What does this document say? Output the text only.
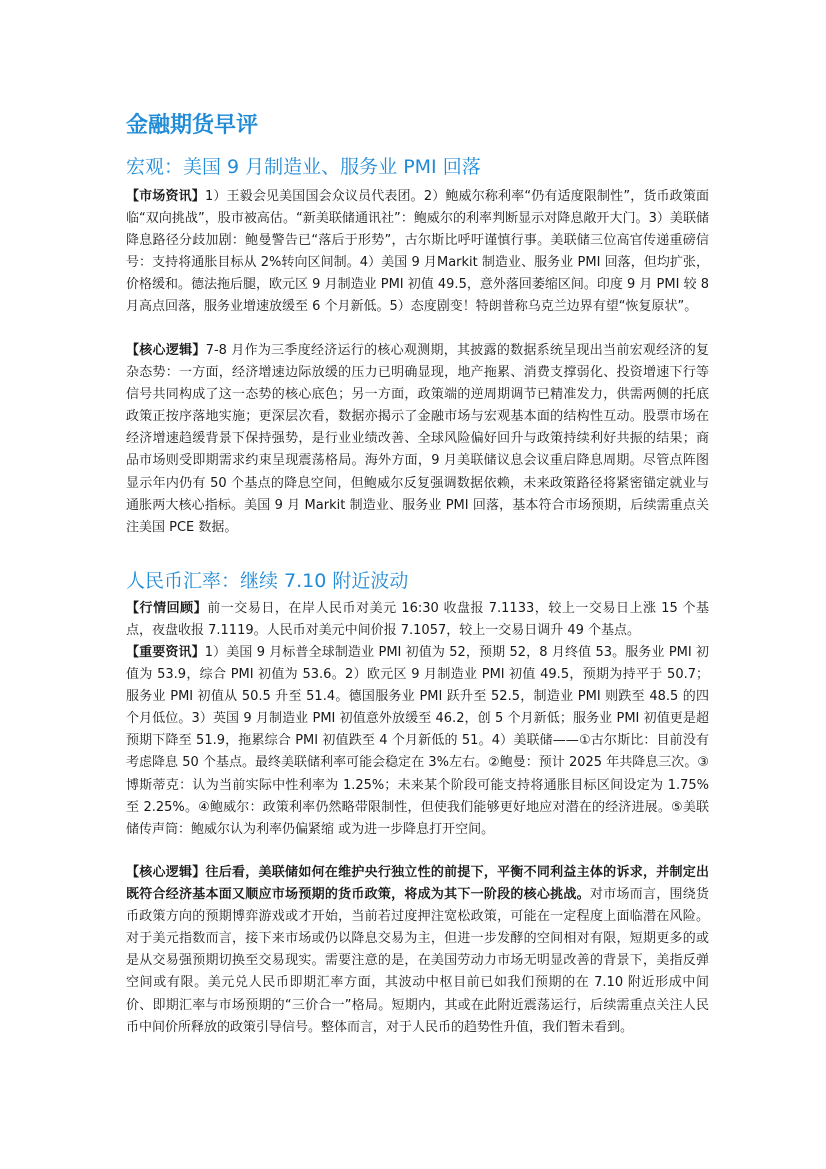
金融期货早评
宏观：美国 9 月制造业、服务业 PMI 回落

【市场资讯】1）王毅会见美国国会众议员代表团。2）鲍威尔称利率“仍有适度限制性”，货币政策面临“双向挑战”，股市被高估。“新美联储通讯社”：鲍威尔的利率判断显示对降息敞开大门。3）美联储降息路径分歧加剧：鲍曼警告已“落后于形势”，古尔斯比呼吁谨慎行事。美联储三位高官传递重磅信号：支持将通胀目标从 2%转向区间制。4）美国 9 月Markit 制造业、服务业 PMI 回落，但均扩张，价格缓和。德法拖后腿，欧元区 9 月制造业 PMI 初值 49.5，意外落回萎缩区间。印度 9 月 PMI 较 8 月高点回落，服务业增速放缓至 6 个月新低。5）态度剧变！特朗普称乌克兰边界有望“恢复原状”。

【核心逻辑】7-8 月作为三季度经济运行的核心观测期，其披露的数据系统呈现出当前宏观经济的复杂态势：一方面，经济增速边际放缓的压力已明确显现，地产拖累、消费支撑弱化、投资增速下行等信号共同构成了这一态势的核心底色；另一方面，政策端的逆周期调节已精准发力，供需两侧的托底政策正按序落地实施；更深层次看，数据亦揭示了金融市场与宏观基本面的结构性互动。股票市场在经济增速趋缓背景下保持强势，是行业业绩改善、全球风险偏好回升与政策持续利好共振的结果；商品市场则受即期需求约束呈现震荡格局。海外方面，9 月美联储议息会议重启降息周期。尽管点阵图显示年内仍有 50 个基点的降息空间，但鲍威尔反复强调数据依赖，未来政策路径将紧密锚定就业与通胀两大核心指标。美国 9 月 Markit 制造业、服务业 PMI 回落，基本符合市场预期，后续需重点关注美国 PCE 数据。

人民币汇率：继续 7.10 附近波动

【行情回顾】前一交易日，在岸人民币对美元 16:30 收盘报 7.1133，较上一交易日上涨 15 个基点，夜盘收报 7.1119。人民币对美元中间价报 7.1057，较上一交易日调升 49 个基点。

【重要资讯】1）美国 9 月标普全球制造业 PMI 初值为 52，预期 52，8 月终值 53。服务业 PMI 初值为 53.9，综合 PMI 初值为 53.6。2）欧元区 9 月制造业 PMI 初值 49.5，预期为持平于 50.7；服务业 PMI 初值从 50.5 升至 51.4。德国服务业 PMI 跃升至 52.5，制造业 PMI 则跌至 48.5 的四个月低位。3）英国 9 月制造业 PMI 初值意外放缓至 46.2，创 5 个月新低；服务业 PMI 初值更是超预期下降至 51.9，拖累综合 PMI 初值跌至 4 个月新低的 51。4）美联储——①古尔斯比：目前没有考虑降息 50 个基点。最终美联储利率可能会稳定在 3%左右。②鲍曼：预计 2025 年共降息三次。③博斯蒂克：认为当前实际中性利率为 1.25%；未来某个阶段可能支持将通胀目标区间设定为 1.75%至 2.25%。④鲍威尔：政策利率仍然略带限制性，但使我们能够更好地应对潜在的经济进展。⑤美联储传声筒：鲍威尔认为利率仍偏紧缩 或为进一步降息打开空间。

【核心逻辑】往后看，美联储如何在维护央行独立性的前提下，平衡不同利益主体的诉求，并制定出既符合经济基本面又顺应市场预期的货币政策，将成为其下一阶段的核心挑战。对市场而言，围绕货币政策方向的预期博弈游戏或才开始，当前若过度押注宽松政策，可能在一定程度上面临潜在风险。对于美元指数而言，接下来市场或仍以降息交易为主，但进一步发酵的空间相对有限，短期更多的或是从交易强预期切换至交易现实。需要注意的是，在美国劳动力市场无明显改善的背景下，美指反弹空间或有限。美元兑人民币即期汇率方面，其波动中枢目前已如我们预期的在 7.10 附近形成中间价、即期汇率与市场预期的“三价合一”格局。短期内，其或在此附近震荡运行，后续需重点关注人民币中间价所释放的政策引导信号。整体而言，对于人民币的趋势性升值，我们暂未看到。
